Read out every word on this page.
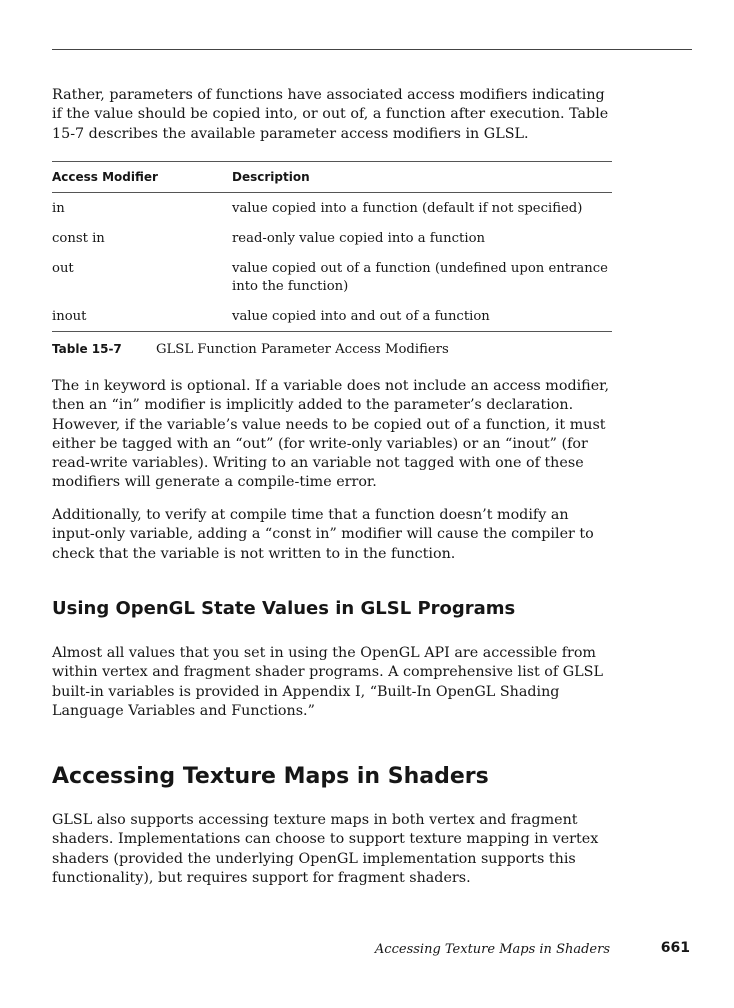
Rather, parameters of functions have associated access modifiers indicating if the value should be copied into, or out of, a function after execution. Table 15-7 describes the available parameter access modifiers in GLSL.

Access Modifier	Description
in	value copied into a function (default if not specified)
const in	read-only value copied into a function
out	value copied out of a function (undefined upon entrance into the function)
inout	value copied into and out of a function
Table 15-7	GLSL Function Parameter Access Modifiers

The in keyword is optional. If a variable does not include an access modifier, then an “in” modifier is implicitly added to the parameter’s declaration. However, if the variable’s value needs to be copied out of a function, it must either be tagged with an “out” (for write-only variables) or an “inout” (for read-write variables). Writing to an variable not tagged with one of these modifiers will generate a compile-time error.

Additionally, to verify at compile time that a function doesn’t modify an input-only variable, adding a “const in” modifier will cause the compiler to check that the variable is not written to in the function.

Using OpenGL State Values in GLSL Programs

Almost all values that you set in using the OpenGL API are accessible from within vertex and fragment shader programs. A comprehensive list of GLSL built-in variables is provided in Appendix I, “Built-In OpenGL Shading Language Variables and Functions.”

Accessing Texture Maps in Shaders

GLSL also supports accessing texture maps in both vertex and fragment shaders. Implementations can choose to support texture mapping in vertex shaders (provided the underlying OpenGL implementation supports this functionality), but requires support for fragment shaders.

Accessing Texture Maps in Shaders	661
